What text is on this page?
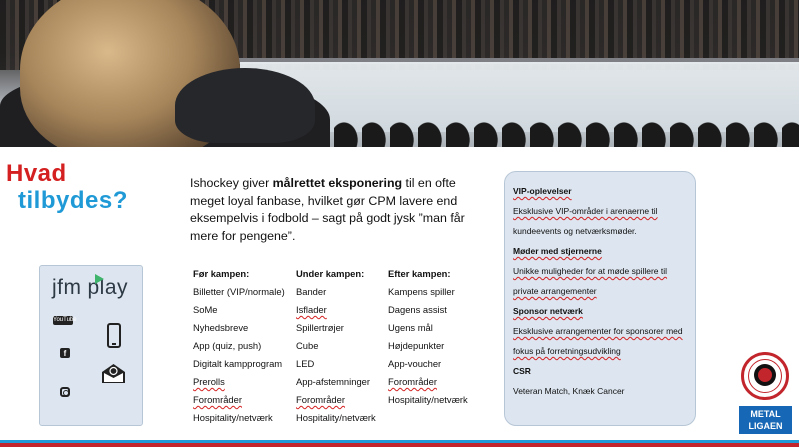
Hvad
tilbydes?
Ishockey giver målrettet eksponering til en ofte meget loyal fanbase, hvilket gør CPM lavere end eksempelvis i fodbold – sagt på godt jysk ”man får mere for pengene”.
jfm play
YouTube
f
Før kampen:
Billetter (VIP/normale)
SoMe
Nyhedsbreve
App (quiz, push)
Digitalt kampprogram
Prerolls
Forområder
Hospitality/netværk
Under kampen:
Bander
Isflader
Spillertrøjer
Cube
LED
App-afstemninger
Forområder
Hospitality/netværk
Efter kampen:
Kampens spiller
Dagens assist
Ugens mål
Højdepunkter
App-voucher
Forområder
Hospitality/netværk
VIP-oplevelser
Eksklusive VIP-områder i arenaerne til
kundeevents og netværksmøder.
Møder med stjernerne
Unikke muligheder for at møde spillere til
private arrangementer
Sponsor netværk
Eksklusive arrangementer for sponsorer med
fokus på forretningsudvikling
CSR
Veteran Match, Knæk Cancer
METAL
LIGAEN
